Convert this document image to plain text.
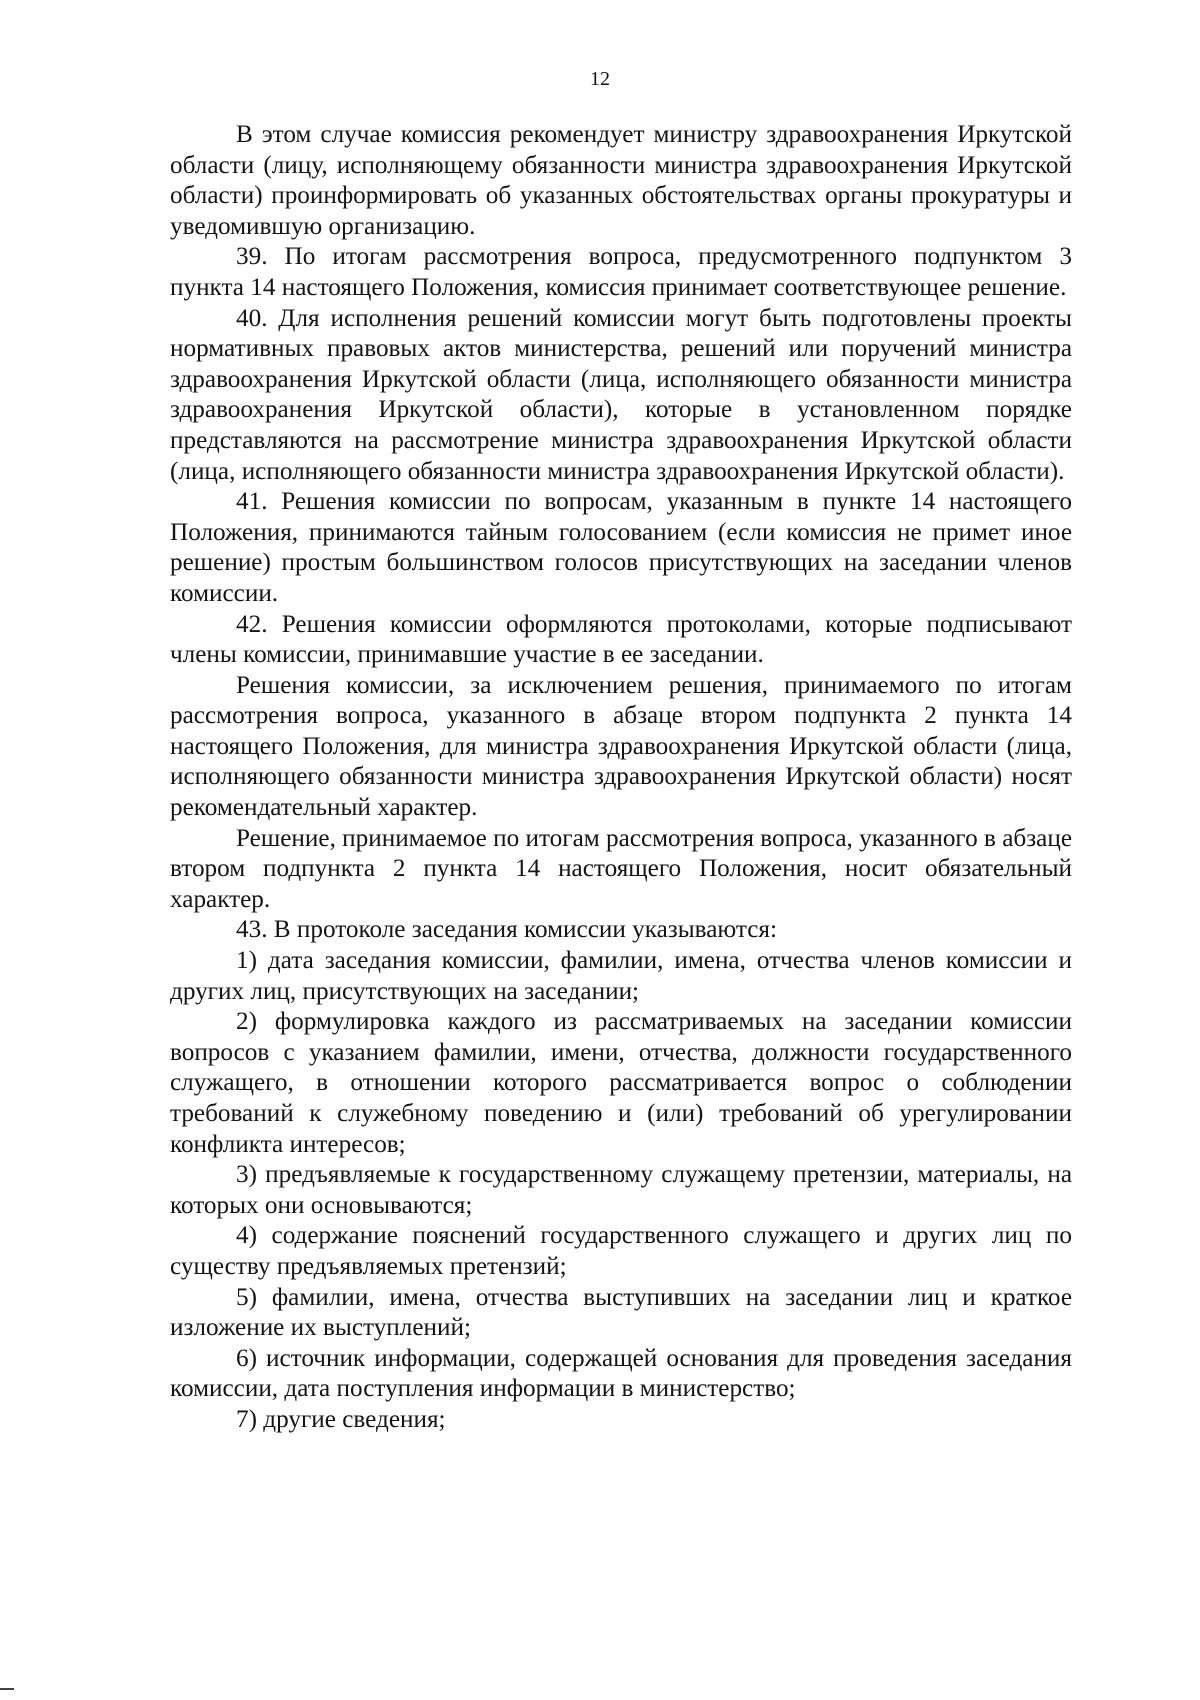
12

В этом случае комиссия рекомендует министру здравоохранения Иркутской области (лицу, исполняющему обязанности министра здравоохранения Иркутской области) проинформировать об указанных обстоятельствах органы прокуратуры и уведомившую организацию.

39. По итогам рассмотрения вопроса, предусмотренного подпунктом 3 пункта 14 настоящего Положения, комиссия принимает соответствующее решение.

40. Для исполнения решений комиссии могут быть подготовлены проекты нормативных правовых актов министерства, решений или поручений министра здравоохранения Иркутской области (лица, исполняющего обязанности министра здравоохранения Иркутской области), которые в установленном порядке представляются на рассмотрение министра здравоохранения Иркутской области (лица, исполняющего обязанности министра здравоохранения Иркутской области).

41. Решения комиссии по вопросам, указанным в пункте 14 настоящего Положения, принимаются тайным голосованием (если комиссия не примет иное решение) простым большинством голосов присутствующих на заседании членов комиссии.

42. Решения комиссии оформляются протоколами, которые подписывают члены комиссии, принимавшие участие в ее заседании.

Решения комиссии, за исключением решения, принимаемого по итогам рассмотрения вопроса, указанного в абзаце втором подпункта 2 пункта 14 настоящего Положения, для министра здравоохранения Иркутской области (лица, исполняющего обязанности министра здравоохранения Иркутской области) носят рекомендательный характер.

Решение, принимаемое по итогам рассмотрения вопроса, указанного в абзаце втором подпункта 2 пункта 14 настоящего Положения, носит обязательный характер.

43. В протоколе заседания комиссии указываются:

1) дата заседания комиссии, фамилии, имена, отчества членов комиссии и других лиц, присутствующих на заседании;

2) формулировка каждого из рассматриваемых на заседании комиссии вопросов с указанием фамилии, имени, отчества, должности государственного служащего, в отношении которого рассматривается вопрос о соблюдении требований к служебному поведению и (или) требований об урегулировании конфликта интересов;

3) предъявляемые к государственному служащему претензии, материалы, на которых они основываются;

4) содержание пояснений государственного служащего и других лиц по существу предъявляемых претензий;

5) фамилии, имена, отчества выступивших на заседании лиц и краткое изложение их выступлений;

6) источник информации, содержащей основания для проведения заседания комиссии, дата поступления информации в министерство;

7) другие сведения;
